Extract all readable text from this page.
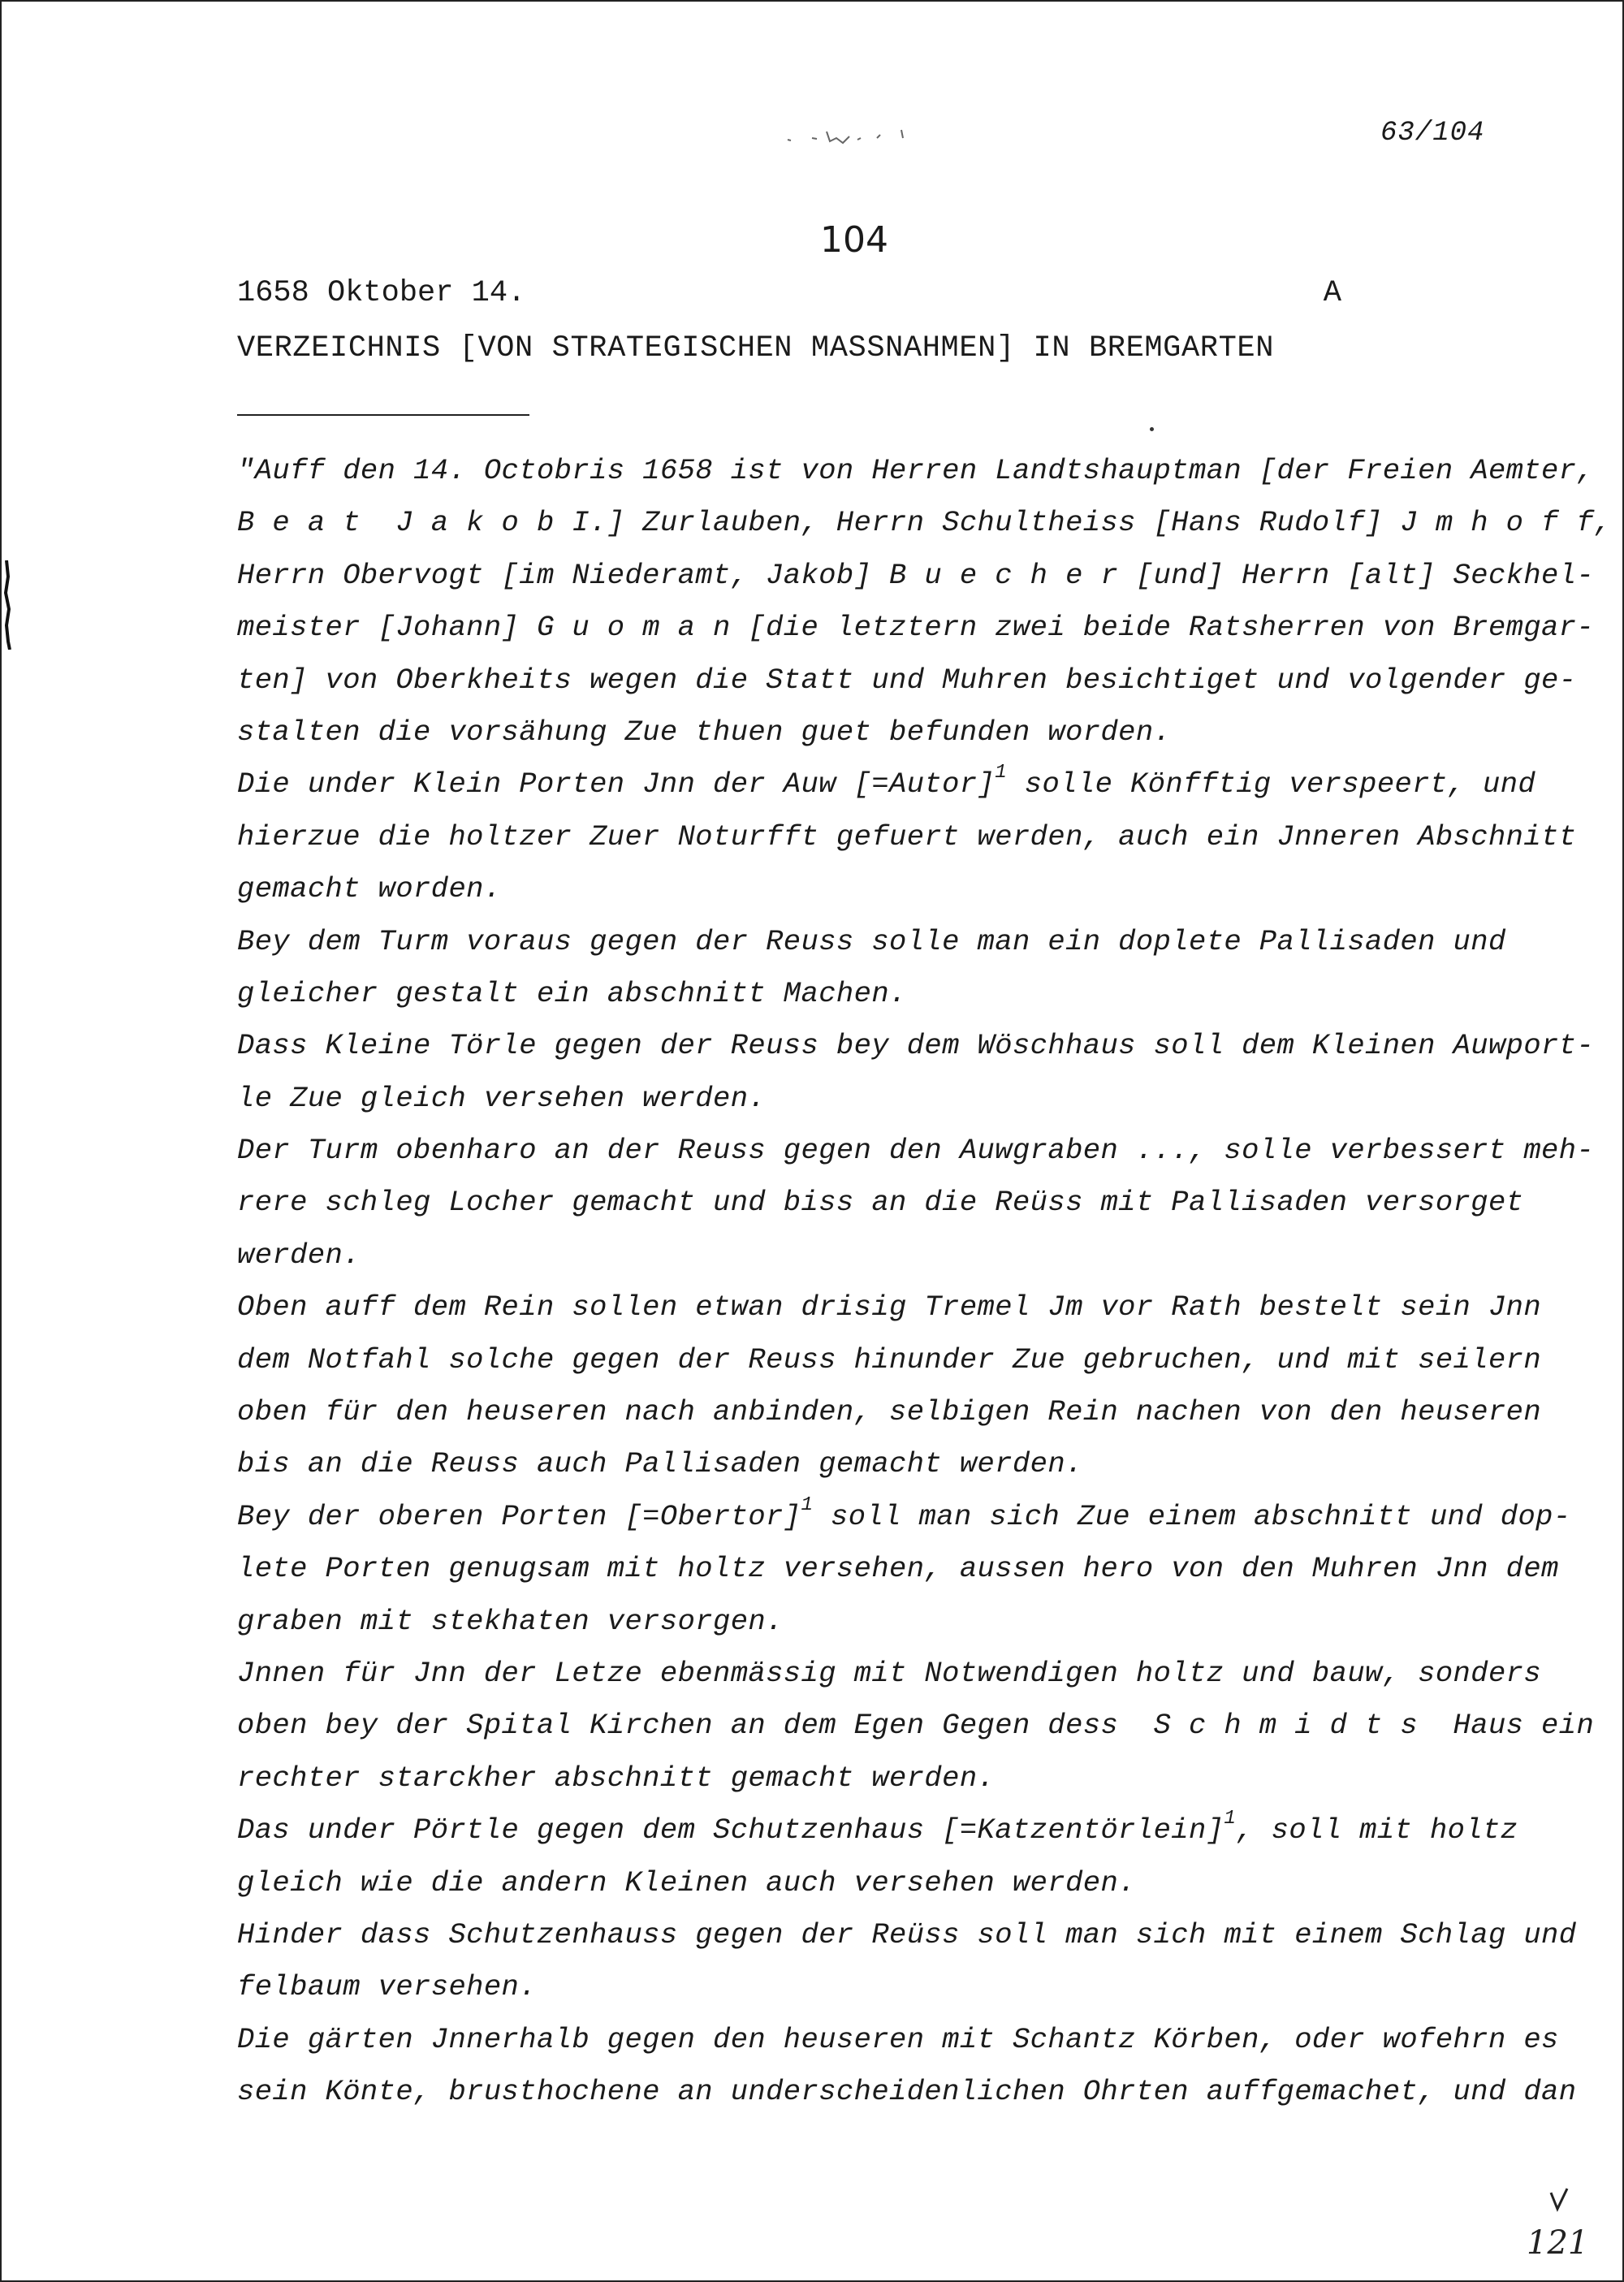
63/104
104
1658 Oktober 14.	A
VERZEICHNIS [VON STRATEGISCHEN MASSNAHMEN] IN BREMGARTEN
"Auff den 14. Octobris 1658 ist von Herren Landtshauptman [der Freien Aemter,
B e a t  J a k o b I.] Zurlauben, Herrn Schultheiss [Hans Rudolf] J m h o f f,
Herrn Obervogt [im Niederamt, Jakob] B u e c h e r [und] Herrn [alt] Seckhel-
meister [Johann] G u o m a n [die letztern zwei beide Ratsherren von Bremgar-
ten] von Oberkheits wegen die Statt und Muhren besichtiget und volgender ge-
stalten die vorsähung Zue thuen guet befunden worden.
Die under Klein Porten Jnn der Auw [=Autor]$^1$ solle Könfftig verspeert, und
hierzue die holtzer Zuer Noturfft gefuert werden, auch ein Jnneren Abschnitt
gemacht worden.
Bey dem Turm voraus gegen der Reuss solle man ein doplete Pallisaden und
gleicher gestalt ein abschnitt Machen.
Dass Kleine Törle gegen der Reuss bey dem Wöschhaus soll dem Kleinen Auwport-
le Zue gleich versehen werden.
Der Turm obenharo an der Reuss gegen den Auwgraben ..., solle verbessert meh-
rere schleg Locher gemacht und biss an die Reüss mit Pallisaden versorget
werden.
Oben auff dem Rein sollen etwan drisig Tremel Jm vor Rath bestelt sein Jnn
dem Notfahl solche gegen der Reuss hinunder Zue gebruchen, und mit seilern
oben für den heuseren nach anbinden, selbigen Rein nachen von den heuseren
bis an die Reuss auch Pallisaden gemacht werden.
Bey der oberen Porten [=Obertor]$^1$ soll man sich Zue einem abschnitt und dop-
lete Porten genugsam mit holtz versehen, aussen hero von den Muhren Jnn dem
graben mit stekhaten versorgen.
Jnnen für Jnn der Letze ebenmässig mit Notwendigen holtz und bauw, sonders
oben bey der Spital Kirchen an dem Egen Gegen dess  S c h m i d t s  Haus ein
rechter starckher abschnitt gemacht werden.
Das under Pörtle gegen dem Schutzenhaus [=Katzentörlein]$^1$, soll mit holtz
gleich wie die andern Kleinen auch versehen werden.
Hinder dass Schutzenhauss gegen der Reüss soll man sich mit einem Schlag und
felbaum versehen.
Die gärten Jnnerhalb gegen den heuseren mit Schantz Körben, oder wofehrn es
sein Könte, brusthochene an underscheidenlichen Ohrten auffgemachet, und dan
121
